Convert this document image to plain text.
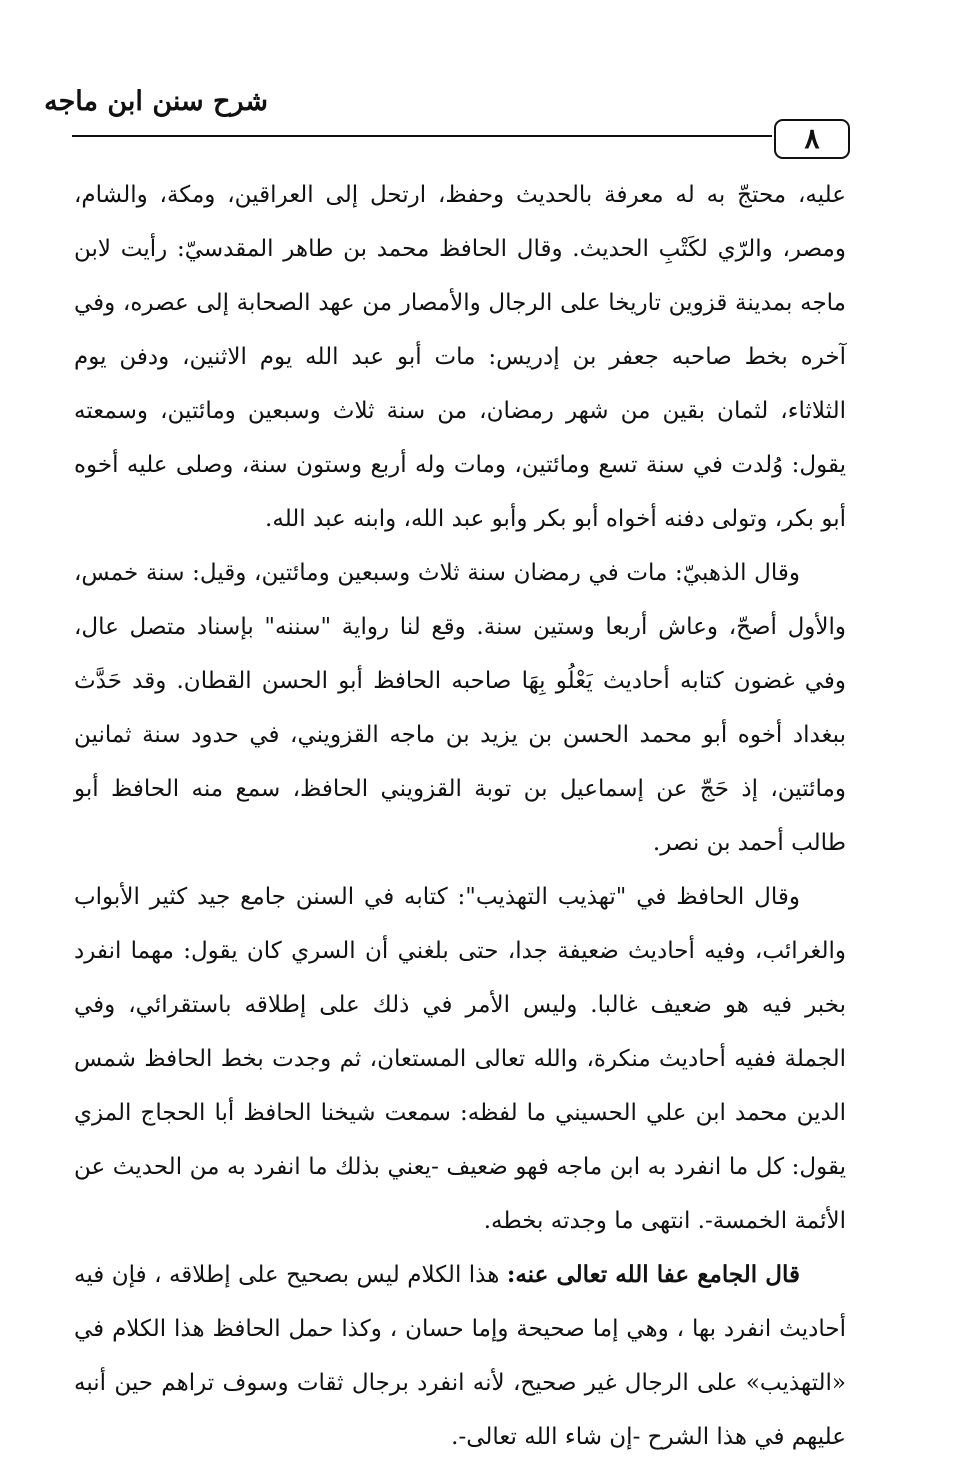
شرح سنن ابن ماجه
٨

عليه، محتجّ به له معرفة بالحديث وحفظ، ارتحل إلى العراقين، ومكة، والشام، ومصر، والرّي لكَتْبِ الحديث. وقال الحافظ محمد بن طاهر المقدسيّ: رأيت لابن ماجه بمدينة قزوين تاريخا على الرجال والأمصار من عهد الصحابة إلى عصره، وفي آخره بخط صاحبه جعفر بن إدريس: مات أبو عبد الله يوم الاثنين، ودفن يوم الثلاثاء، لثمان بقين من شهر رمضان، من سنة ثلاث وسبعين ومائتين، وسمعته يقول: وُلدت في سنة تسع ومائتين، ومات وله أربع وستون سنة، وصلى عليه أخوه أبو بكر، وتولى دفنه أخواه أبو بكر وأبو عبد الله، وابنه عبد الله.

وقال الذهبيّ: مات في رمضان سنة ثلاث وسبعين ومائتين، وقيل: سنة خمس، والأول أصحّ، وعاش أربعا وستين سنة. وقع لنا رواية "سننه" بإسناد متصل عال، وفي غضون كتابه أحاديث يَعْلُو بِهَا صاحبه الحافظ أبو الحسن القطان. وقد حَدَّث ببغداد أخوه أبو محمد الحسن بن يزيد بن ماجه القزويني، في حدود سنة ثمانين ومائتين، إذ حَجّ عن إسماعيل بن توبة القزويني الحافظ، سمع منه الحافظ أبو طالب أحمد بن نصر.

وقال الحافظ في "تهذيب التهذيب": كتابه في السنن جامع جيد كثير الأبواب والغرائب، وفيه أحاديث ضعيفة جدا، حتى بلغني أن السري كان يقول: مهما انفرد بخبر فيه هو ضعيف غالبا. وليس الأمر في ذلك على إطلاقه باستقرائي، وفي الجملة ففيه أحاديث منكرة، والله تعالى المستعان، ثم وجدت بخط الحافظ شمس الدين محمد ابن علي الحسيني ما لفظه: سمعت شيخنا الحافظ أبا الحجاج المزي يقول: كل ما انفرد به ابن ماجه فهو ضعيف -يعني بذلك ما انفرد به من الحديث عن الأئمة الخمسة-. انتهى ما وجدته بخطه.

قال الجامع عفا الله تعالى عنه: هذا الكلام ليس بصحيح على إطلاقه ، فإن فيه أحاديث انفرد بها ، وهي إما صحيحة وإما حسان ، وكذا حمل الحافظ هذا الكلام في «التهذيب» على الرجال غير صحيح، لأنه انفرد برجال ثقات وسوف تراهم حين أنبه عليهم في هذا الشرح -إن شاء الله تعالى-.
